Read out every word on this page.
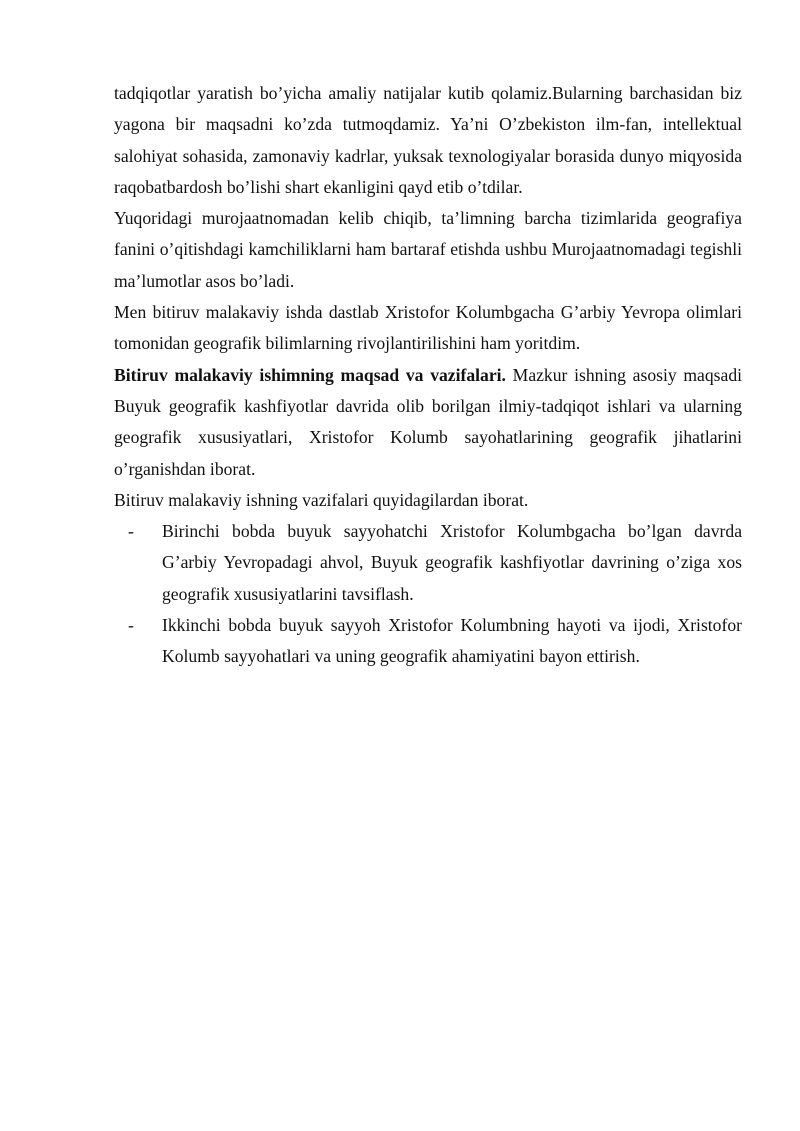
tadqiqotlar yaratish bo’yicha amaliy natijalar kutib qolamiz.Bularning barchasidan biz yagona bir maqsadni ko’zda tutmoqdamiz. Ya’ni O’zbekiston ilm-fan, intellektual salohiyat sohasida, zamonaviy kadrlar, yuksak texnologiyalar borasida dunyo miqyosida raqobatbardosh bo’lishi shart ekanligini qayd etib o’tdilar.

Yuqoridagi murojaatnomadan kelib chiqib, ta’limning barcha tizimlarida geografiya fanini o’qitishdagi kamchiliklarni ham bartaraf etishda ushbu Murojaatnomadagi tegishli ma’lumotlar asos bo’ladi.

Men bitiruv malakaviy ishda dastlab Xristofor Kolumbgacha G’arbiy Yevropa olimlari tomonidan geografik bilimlarning rivojlantirilishini ham yoritdim.

Bitiruv malakaviy ishimning maqsad va vazifalari. Mazkur ishning asosiy maqsadi Buyuk geografik kashfiyotlar davrida olib borilgan ilmiy-tadqiqot ishlari va ularning geografik xususiyatlari, Xristofor Kolumb sayohatlarining geografik jihatlarini o’rganishdan iborat.

Bitiruv malakaviy ishning vazifalari quyidagilardan iborat.

- Birinchi bobda buyuk sayyohatchi Xristofor Kolumbgacha bo’lgan davrda G’arbiy Yevropadagi ahvol, Buyuk geografik kashfiyotlar davrining o’ziga xos geografik xususiyatlarini tavsiflash.
- Ikkinchi bobda buyuk sayyoh Xristofor Kolumbning hayoti va ijodi, Xristofor Kolumb sayyohatlari va uning geografik ahamiyatini bayon ettirish.
